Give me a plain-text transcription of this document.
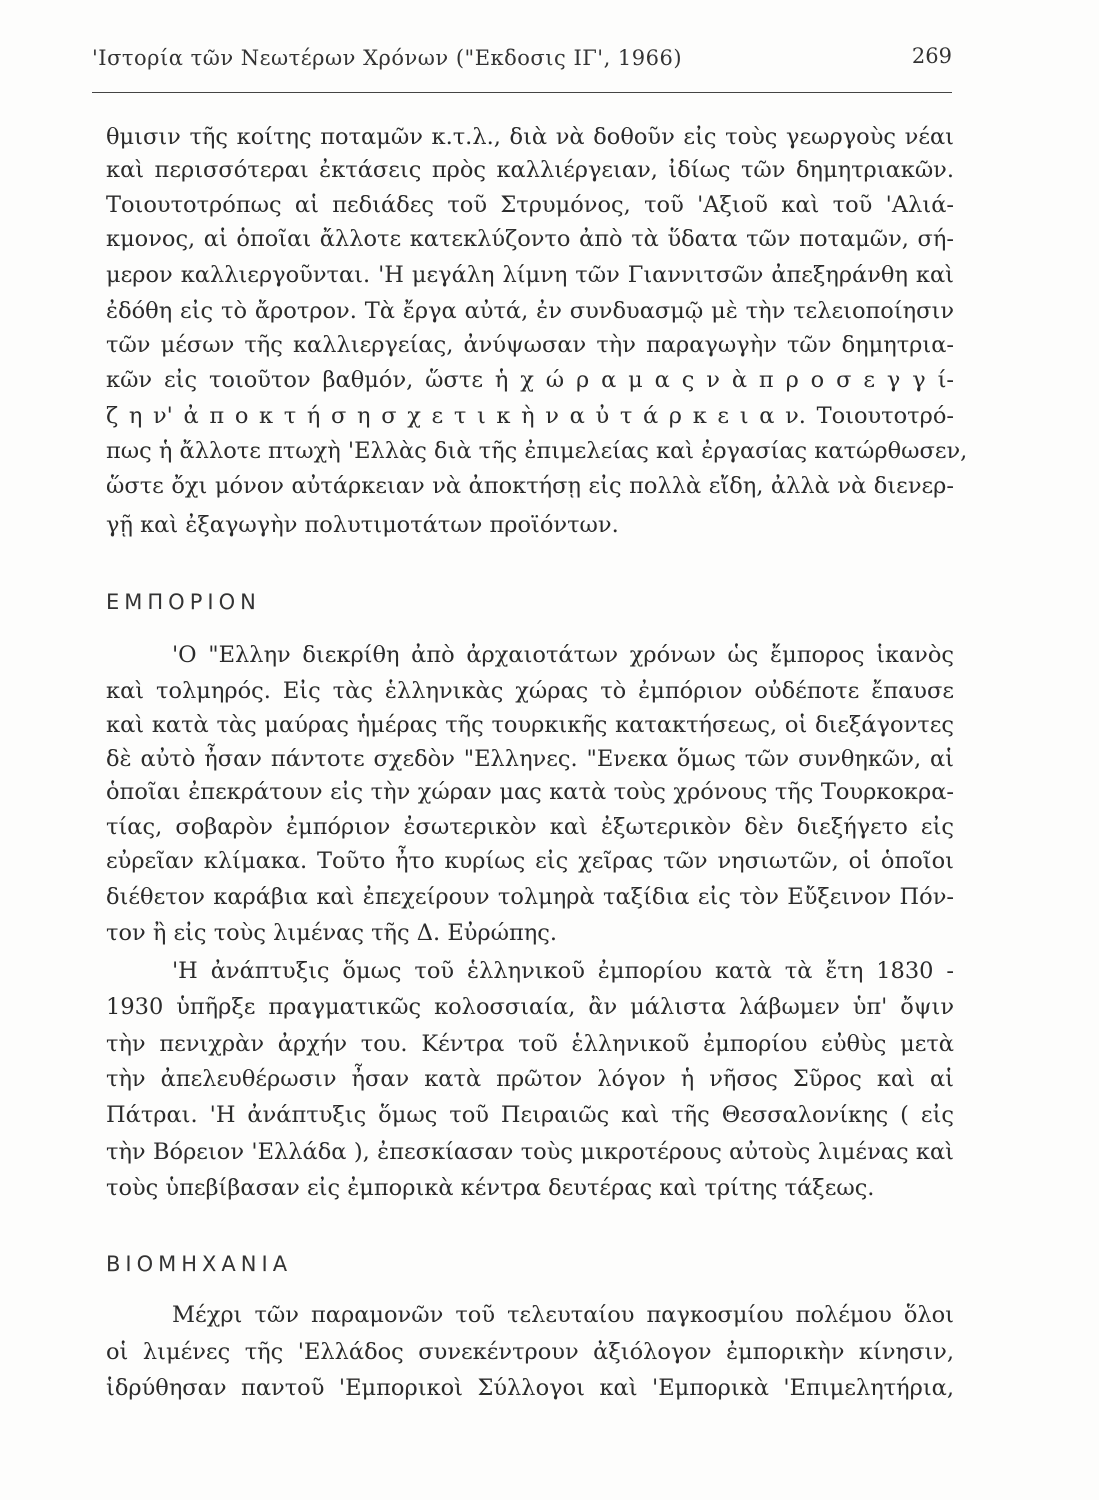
'Ιστορία τῶν Νεωτέρων Χρόνων ("Εκδοσις ΙΓ', 1966)	269
θμισιν τῆς κοίτης ποταμῶν κ.τ.λ., διὰ νὰ δοθοῦν εἰς τοὺς γεωργοὺς νέαι
καὶ περισσότεραι ἐκτάσεις πρὸς καλλιέργειαν, ἰδίως τῶν δημητριακῶν.
Τοιουτοτρόπως αἱ πεδιάδες τοῦ Στρυμόνος, τοῦ 'Αξιοῦ καὶ τοῦ 'Αλιά-
κμονος, αἱ ὁποῖαι ἄλλοτε κατεκλύζοντο ἀπὸ τὰ ὕδατα τῶν ποταμῶν, σή-
μερον καλλιεργοῦνται. 'Η μεγάλη λίμνη τῶν Γιαννιτσῶν ἀπεξηράνθη καὶ
ἐδόθη εἰς τὸ ἄροτρον. Τὰ ἔργα αὐτά, ἐν συνδυασμῷ μὲ τὴν τελειοποίησιν
τῶν μέσων τῆς καλλιεργείας, ἀνύψωσαν τὴν παραγωγὴν τῶν δημητρια-
κῶν εἰς τοιοῦτον βαθμόν, ὥστε ἡ χ ώ ρ α μ α ς ν ὰ π ρ ο σ ε γ γ ί-
ζ η ν' ἀ π ο κ τ ή σ η σ χ ε τ ι κ ὴ ν α ὐ τ ά ρ κ ε ι α ν. Τοιουτοτρό-
πως ἡ ἄλλοτε πτωχὴ 'Ελλὰς διὰ τῆς ἐπιμελείας καὶ ἐργασίας κατώρθωσεν,
ὥστε ὄχι μόνον αὐτάρκειαν νὰ ἀποκτήσῃ εἰς πολλὰ εἴδη, ἀλλὰ νὰ διενερ-
γῇ καὶ ἐξαγωγὴν πολυτιμοτάτων προϊόντων.
ΕΜΠΟΡΙΟΝ
'Ο "Ελλην διεκρίθη ἀπὸ ἀρχαιοτάτων χρόνων ὡς ἔμπορος ἱκανὸς
καὶ τολμηρός. Εἰς τὰς ἑλληνικὰς χώρας τὸ ἐμπόριον οὐδέποτε ἔπαυσε
καὶ κατὰ τὰς μαύρας ἡμέρας τῆς τουρκικῆς κατακτήσεως, οἱ διεξάγοντες
δὲ αὐτὸ ἦσαν πάντοτε σχεδὸν "Ελληνες. "Ενεκα ὅμως τῶν συνθηκῶν, αἱ
ὁποῖαι ἐπεκράτουν εἰς τὴν χώραν μας κατὰ τοὺς χρόνους τῆς Τουρκοκρα-
τίας, σοβαρὸν ἐμπόριον ἐσωτερικὸν καὶ ἐξωτερικὸν δὲν διεξήγετο εἰς
εὐρεῖαν κλίμακα. Τοῦτο ἦτο κυρίως εἰς χεῖρας τῶν νησιωτῶν, οἱ ὁποῖοι
διέθετον καράβια καὶ ἐπεχείρουν τολμηρὰ ταξίδια εἰς τὸν Εὔξεινον Πόν-
τον ἢ εἰς τοὺς λιμένας τῆς Δ. Εὐρώπης.
'Η ἀνάπτυξις ὅμως τοῦ ἑλληνικοῦ ἐμπορίου κατὰ τὰ ἔτη 1830 -
1930 ὑπῆρξε πραγματικῶς κολοσσιαία, ἂν μάλιστα λάβωμεν ὑπ' ὄψιν
τὴν πενιχρὰν ἀρχήν του. Κέντρα τοῦ ἑλληνικοῦ ἐμπορίου εὐθὺς μετὰ
τὴν ἀπελευθέρωσιν ἦσαν κατὰ πρῶτον λόγον ἡ νῆσος Σῦρος καὶ αἱ
Πάτραι. 'Η ἀνάπτυξις ὅμως τοῦ Πειραιῶς καὶ τῆς Θεσσαλονίκης ( εἰς
τὴν Βόρειον 'Ελλάδα ), ἐπεσκίασαν τοὺς μικροτέρους αὐτοὺς λιμένας καὶ
τοὺς ὑπεβίβασαν εἰς ἐμπορικὰ κέντρα δευτέρας καὶ τρίτης τάξεως.
ΒΙΟΜΗΧΑΝΙΑ
Μέχρι τῶν παραμονῶν τοῦ τελευταίου παγκοσμίου πολέμου ὅλοι
οἱ λιμένες τῆς 'Ελλάδος συνεκέντρουν ἀξιόλογον ἐμπορικὴν κίνησιν,
ἱδρύθησαν παντοῦ 'Εμπορικοὶ Σύλλογοι καὶ 'Εμπορικὰ 'Επιμελητήρια,
